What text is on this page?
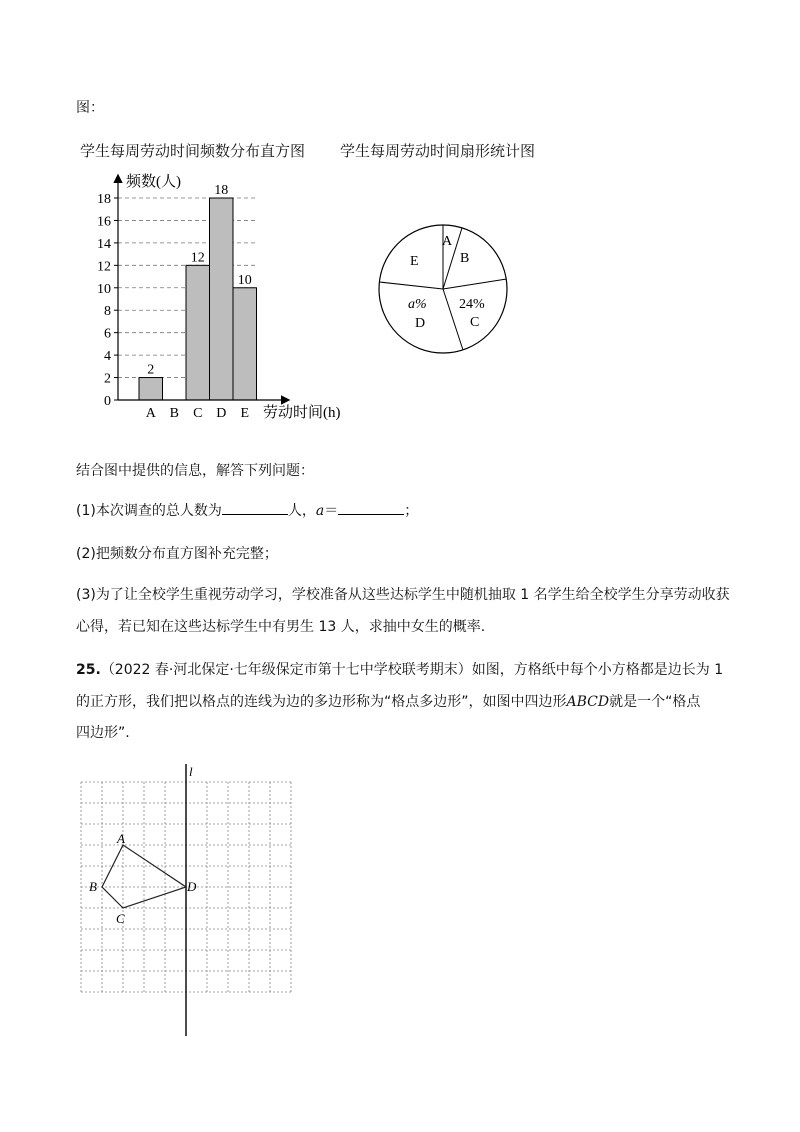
图：
学生每周劳动时间频数分布直方图 学生每周劳动时间扇形统计图
0
2
4
6
8
10
12
14
16
18
A B C D E
2
12
18
10
频数(人)
劳动时间(h)
A
B
24%
C
a%
D
E
结合图中提供的信息，解答下列问题：
(1)本次调查的总人数为	人，a＝	；
(2)把频数分布直方图补充完整；
(3)为了让全校学生重视劳动学习，学校准备从这些达标学生中随机抽取 1 名学生给全校学生分享劳动收获
心得，若已知在这些达标学生中有男生 13 人，求抽中女生的概率.
25.（2022 春·河北保定·七年级保定市第十七中学校联考期末）如图，方格纸中每个小方格都是边长为 1
的正方形，我们把以格点的连线为边的多边形称为“格点多边形”，如图中四边形ABCD就是一个“格点
四边形”.
l
A
B
C
D
